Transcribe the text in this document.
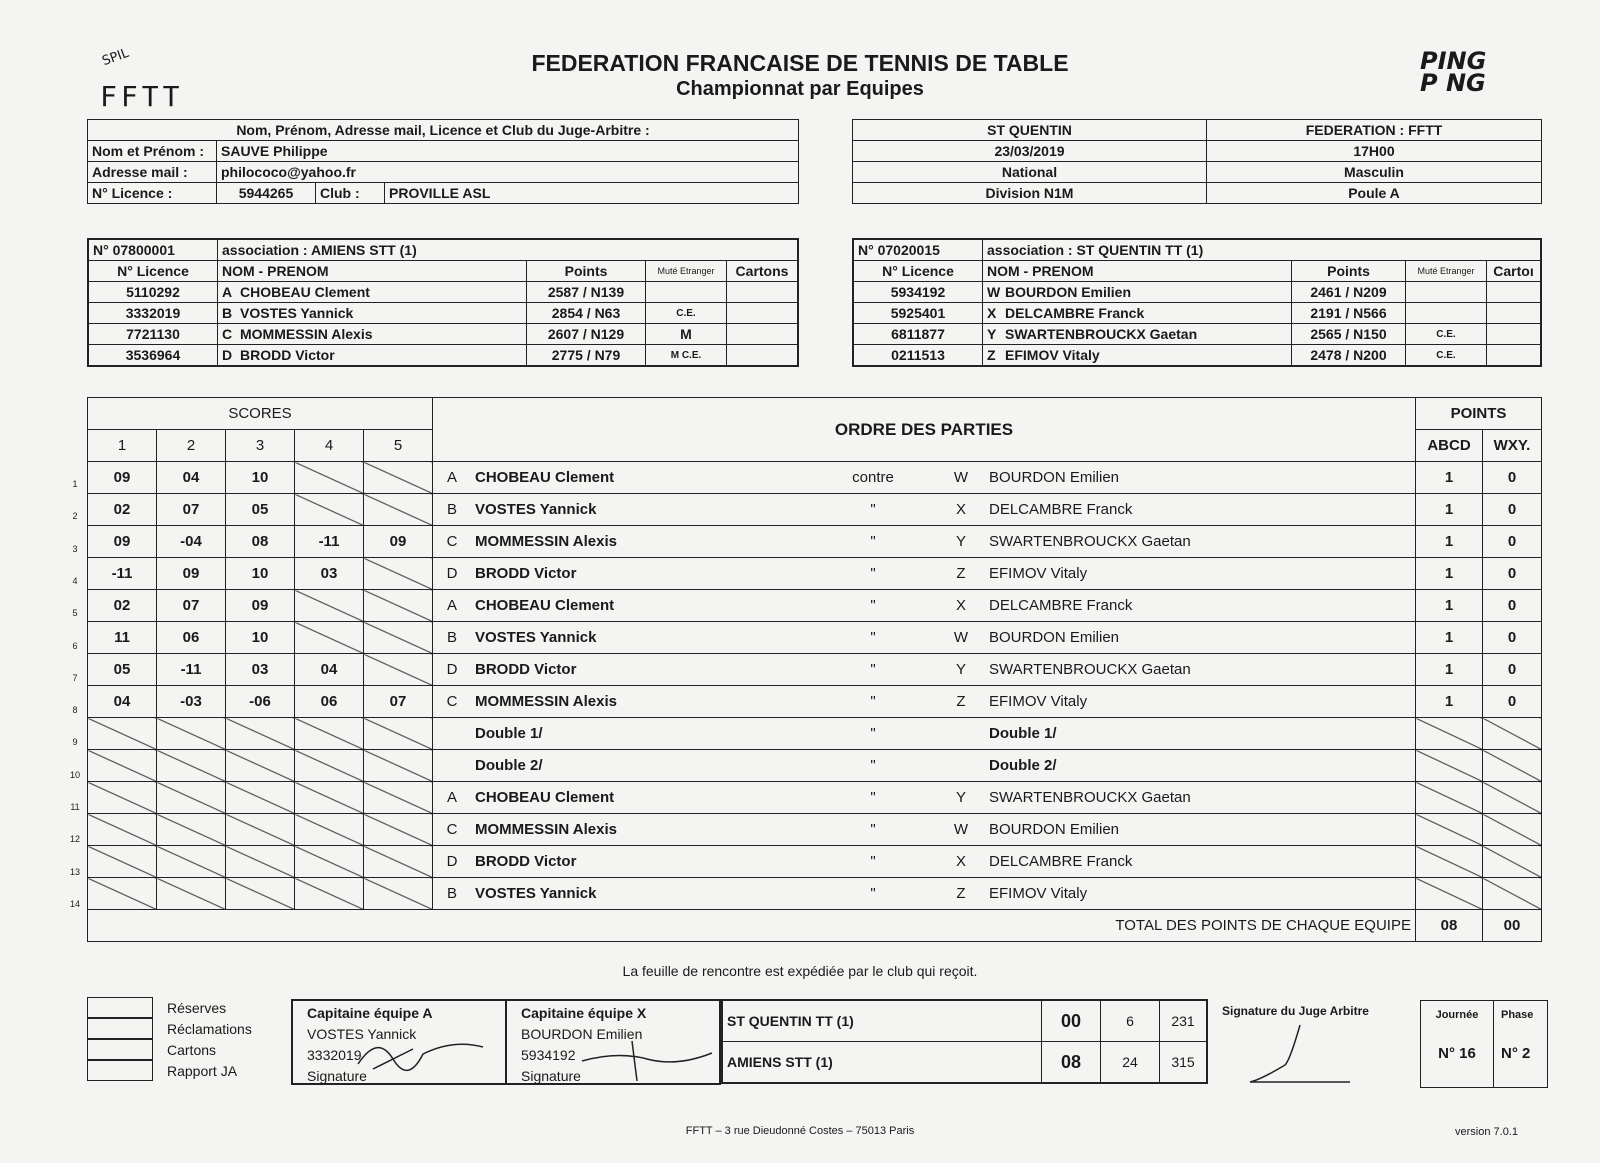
SPIL
FFTT
FEDERATION FRANCAISE DE TENNIS DE TABLE
Championnat par Equipes
PING
P NG
Nom, Prénom, Adresse mail, Licence et Club du Juge-Arbitre :			
Nom et Prénom :	SAUVE Philippe		
Adresse mail :	philococo@yahoo.fr		
N° Licence :	5944265	Club :	PROVILLE ASL
ST QUENTIN	FEDERATION : FFTT
23/03/2019	17H00
National	Masculin
Division N1M	Poule A
N° 07800001	association : AMIENS STT (1)			
N° Licence	NOM - PRENOM	Points	Muté Etranger	Cartons
5110292	A CHOBEAU Clement	2587 / N139		
3332019	B VOSTES Yannick	2854 / N63	C.E.	
7721130	C MOMMESSIN Alexis	2607 / N129	M	
3536964	D BRODD Victor	2775 / N79	M C.E.	
N° 07020015	association : ST QUENTIN TT (1)			
N° Licence	NOM - PRENOM	Points	Muté Etranger	Cartoı
5934192	W BOURDON Emilien	2461 / N209		
5925401	X DELCAMBRE Franck	2191 / N566		
6811877	Y SWARTENBROUCKX Gaetan	2565 / N150	C.E.	
0211513	Z EFIMOV Vitaly	2478 / N200	C.E.	
SCORES					ORDRE DES PARTIES						POINTS	
1	2	3	4	5							ABCD	WXY.
09	04	10			A	CHOBEAU Clement	contre	W	BOURDON Emilien		1	0
02	07	05			B	VOSTES Yannick	"	X	DELCAMBRE Franck		1	0
09	-04	08	-11	09	C	MOMMESSIN Alexis	"	Y	SWARTENBROUCKX Gaetan		1	0
-11	09	10	03		D	BRODD Victor	"	Z	EFIMOV Vitaly		1	0
02	07	09			A	CHOBEAU Clement	"	X	DELCAMBRE Franck		1	0
11	06	10			B	VOSTES Yannick	"	W	BOURDON Emilien		1	0
05	-11	03	04		D	BRODD Victor	"	Y	SWARTENBROUCKX Gaetan		1	0
04	-03	-06	06	07	C	MOMMESSIN Alexis	"	Z	EFIMOV Vitaly		1	0
						Double 1/	"		Double 1/			
						Double 2/	"		Double 2/			
					A	CHOBEAU Clement	"	Y	SWARTENBROUCKX Gaetan			
					C	MOMMESSIN Alexis	"	W	BOURDON Emilien			
					D	BRODD Victor	"	X	DELCAMBRE Franck			
					B	VOSTES Yannick	"	Z	EFIMOV Vitaly			
					TOTAL DES POINTS DE CHAQUE EQUIPE						08	00
1
2
3
4
5
6
7
8
9
10
11
12
13
14
La feuille de rencontre est expédiée par le club qui reçoit.
Réserves
Réclamations
Cartons
Rapport JA
Capitaine équipe A
VOSTES Yannick
3332019
Signature
Capitaine équipe X
BOURDON Emilien
5934192
Signature
ST QUENTIN TT (1)	00	6	231
AMIENS STT (1)	08	24	315
Signature du Juge Arbitre	Journée
N° 16
Phase
N° 2
FFTT – 3 rue Dieudonné Costes – 75013 Paris	version 7.0.1
